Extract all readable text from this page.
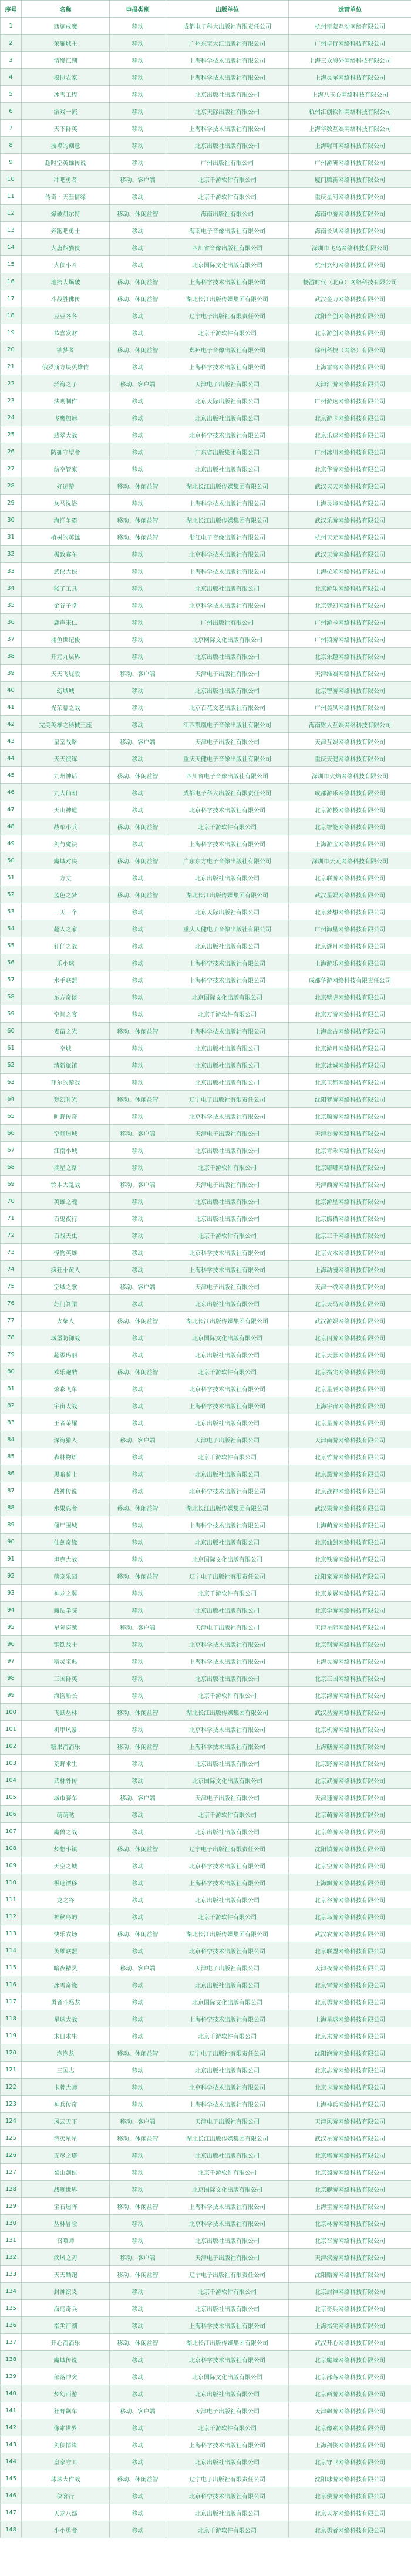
序号	名称	申报类别	出版单位	运营单位
1	西施戒魔	移动	成都电子科大出版社有限责任公司	杭州雷蒙互动网络有限公司
2	荣耀城主	移动	广州东宝大汇出版社有限公司	广州卓行网络科技有限公司
3	情缘江湖	移动	上海科学技术出版社有限公司	上海三众海外网络科技有限公司
4	模拟农家	移动	上海科学技术出版社有限公司	上海灵犀网络科技有限公司
5	冰雪工程	移动	北京出版社出版有限公司	上海八玉心网络科技有限公司
6	游戏一流	移动	北京天际出版社有限公司	杭州汇创软件网络科技有限公司
7	天下群英	移动	上海科学技术出版社有限公司	上海华数互娱网络科技有限公司
8	披襟的刻意	移动	北京出版社出版有限公司	上海喔可网络科技有限公司
9	超时空英雄传说	移动	广州出版社有限公司	广州游研网络科技有限公司
10	冲吧勇者	移动、客户端	北京千游软件有限公司	厦门腾新网络科技有限公司
11	传奇 · 天涯情缘	移动	北京千游软件有限公司	重庆星河网络科技有限公司
12	爆破凯尔特	移动、休闲益智	海南出版社有限公司	海南中游网络科技有限公司
13	奔跑吧勇士	移动	海南电子音像出版社有限公司	海南长风网络科技有限公司
14	大唐熊猫侠	移动	四川省音像出版社有限公司	深圳市飞鸟网络科技有限公司
15	大侠小斗	移动	北京国际文化出版有限公司	杭州玄幻网络科技有限公司
16	地痞大爆破	移动、休闲益智	上海科学技术出版社有限公司	畅游时代（北京）网络科技有限公司
17	斗战胜佛传	移动、休闲益智	湖北长江出版传媒集团有限公司	武汉金力网络科技有限公司
18	豆豆冬冬	移动	辽宁电子出版社有限责任公司	沈阳合创网络科技有限公司
19	恭喜发财	移动	北京千游软件有限公司	北京游创网络科技有限公司
20	锁梦者	移动、休闲益智	郑州电子音像出版社有限公司	徐州科技（网络）有限公司
21	俄罗斯方块英雄传	移动	上海科学技术出版社有限公司	上海雷鸣网络科技有限公司
22	泛海之子	移动、客户端	天津电子出版社有限公司	天津汇游网络科技有限公司
23	法则制作	移动	北京天际出版社有限公司	广州游达网络科技有限公司
24	飞鹰加速	移动	北京出版社出版有限公司	北京游卡网络科技有限公司
25	翡翠大战	移动	北京科学技术出版社有限公司	北京乐逗网络科技有限公司
26	防御守望者	移动	广东省出版集团有限公司	广州冰川网络科技有限公司
27	航空管家	移动	北京出版社出版有限公司	北京华游网络科技有限公司
28	好运游	移动、休闲益智	湖北长江出版传媒集团有限公司	武汉天天网络科技有限公司
29	灰马洗浴	移动	上海科学技术出版社有限公司	上海灵境网络科技有限公司
30	海洋争霸	移动、休闲益智	湖北长江出版传媒集团有限公司	武汉乐游网络科技有限公司
31	植树的英雄	移动、休闲益智	浙江电子音像出版社有限公司	杭州天元网络科技有限公司
32	极致赛车	移动	北京科学技术出版社有限公司	武汉天游网络科技有限公司
33	武侠大侠	移动	上海科学技术出版社有限公司	上海拉米网络科技有限公司
34	猴子工具	移动	北京出版社出版有限公司	北京游乐网络科技有限公司
35	金谷子堂	移动	北京科学技术出版社有限公司	北京梦幻网络科技有限公司
36	鹿声宋仁	移动	广州出版社有限公司	广州游卡网络科技有限公司
37	捕鱼世纪俊	移动	北京网际文化出版有限公司	广州狼游网络科技有限公司
38	开元九层界	移动	北京出版社出版有限公司	北京乐趣网络科技有限公司
39	天天飞屁股	移动、客户端	天津电子出版社有限公司	天津维娱网络科技有限公司
40	幻域城	移动	北京出版社出版有限公司	北京智游网络科技有限公司
41	光荣幕之战	移动	北京百花文艺出版社有限公司	广州美凤网络科技有限公司
42	完美英雄之秘械王座	移动	江西凯凰电子音像出版社有限公司	海南财人互娱网络科技有限公司
43	皇室战略	移动、客户端	天津电子出版社有限公司	天津互娱网络科技有限公司
44	天天演练	移动	重庆天健电子音像出版社有限公司	重庆天健网络科技有限公司
45	九州神话	移动、休闲益智	四川省电子音像出版社有限公司	深圳市火焰网络科技有限公司
46	九大仙朝	移动	成都电子科大出版社有限责任公司	成都游乐网络科技有限公司
47	天山神道	移动	北京科学技术出版社有限公司	北京游极网络科技有限公司
48	战车小兵	移动、休闲益智	北京千游软件有限公司	北京智能网络科技有限公司
49	剑与魔法	移动	上海科学技术出版社有限公司	上海游宝网络科技有限公司
50	魔域对决	移动、休闲益智	广东东方电子音像出版社有限公司	深圳市天元网络科技有限公司
51	方丈	移动	北京出版社出版有限公司	北京联游网络科技有限公司
52	蓝色之梦	移动、休闲益智	湖北长江出版传媒集团有限公司	武汉星娱网络科技有限公司
53	一天一个	移动	北京天际出版社有限公司	北京梦想网络科技有限公司
54	超人之家	移动	重庆天健电子音像出版社有限公司	广州海星网络科技有限公司
55	狂仔之战	移动	北京出版社出版有限公司	北京谜月网络科技有限公司
56	乐小球	移动	上海科学技术出版社有限公司	上海游乐网络科技有限公司
57	水手联盟	移动	上海科学技术出版社有限公司	成都华游网络科技有限责任公司
58	东方奇谈	移动	北京国际文化出版有限公司	北京壁虎网络科技有限公司
59	空间之客	移动	北京千游软件有限公司	北京万游网络科技有限公司
60	麦苗之光	移动、休闲益智	上海科学技术出版社有限公司	上海盘古网络科技有限公司
61	空城	移动	北京出版社出版有限公司	北京游月网络科技有限公司
62	清新旅馆	移动	北京出版社出版有限公司	北京冰城网络科技有限公司
63	菲尔的游戏	移动	北京出版社出版有限公司	北京天都网络科技有限公司
64	梦幻时光	移动、休闲益智	辽宁电子出版社有限责任公司	沈阳梦游网络科技有限公司
65	旷野传奇	移动	北京科学技术出版社有限公司	北京顺游网络科技有限公司
66	空间迷城	移动、客户端	天津电子出版社有限公司	天津谷游网络科技有限公司
67	江南小城	移动	北京出版社出版有限公司	北京青禾网络科技有限公司
68	摘星之路	移动	北京千游软件有限公司	北京嘟嘟网络科技有限公司
69	铃木大乱战	移动、客户端	天津电子出版社有限公司	天津西游网络科技有限公司
70	英雄之魂	移动	北京出版社出版有限公司	北京游星网络科技有限公司
71	百鬼夜行	移动	北京出版社出版有限公司	北京熊猫网络科技有限公司
72	百战天虫	移动	北京千游软件有限公司	北京三千网络科技有限公司
73	怪物英雄	移动	北京科学技术出版社有限公司	北京火木网络科技有限公司
74	疯狂小黄人	移动	上海科学技术出版社有限公司	上海动漫网络科技有限公司
75	空城之歌	移动、客户端	天津电子出版社有限公司	天津一线网络科技有限公司
76	苏门答腊	移动	北京出版社出版有限公司	北京天马网络科技有限公司
77	火柴人	移动、休闲益智	湖北长江出版传媒集团有限公司	武汉游娱网络科技有限公司
78	城堡防御战	移动	北京国际文化出版有限公司	北京闪游网络科技有限公司
79	超级玛丽	移动	北京出版社出版有限公司	北京天影网络科技有限公司
80	欢乐跑酷	移动、休闲益智	北京千游软件有限公司	北京指尖网络科技有限公司
81	炫彩飞车	移动	北京科学技术出版社有限公司	北京星辰网络科技有限公司
82	宇宙大战	移动	上海科学技术出版社有限公司	上海宇宙网络科技有限公司
83	王者荣耀	移动	北京出版社出版有限公司	北京星游网络科技有限公司
84	深海猎人	移动、客户端	天津电子出版社有限公司	天津南游网络科技有限公司
85	森林物语	移动	北京千游软件有限公司	北京竹游网络科技有限公司
86	黑暗骑士	移动	北京出版社出版有限公司	北京黑游网络科技有限公司
87	战神传说	移动	北京科学技术出版社有限公司	北京战神网络科技有限公司
88	水果忍者	移动、休闲益智	湖北长江出版传媒集团有限公司	武汉果游网络科技有限公司
89	僵尸围城	移动	上海科学技术出版社有限公司	上海萌游网络科技有限公司
90	仙剑奇缘	移动	北京出版社出版有限公司	北京仙剑网络科技有限公司
91	坦克大战	移动	北京国际文化出版有限公司	北京铁游网络科技有限公司
92	萌宠乐园	移动、休闲益智	辽宁电子出版社有限责任公司	沈阳宠游网络科技有限公司
93	神龙之翼	移动	北京千游软件有限公司	北京龙翼网络科技有限公司
94	魔法学院	移动	北京出版社出版有限公司	北京学游网络科技有限公司
95	星际穿越	移动、客户端	天津电子出版社有限公司	天津星际网络科技有限公司
96	钢铁战士	移动	北京科学技术出版社有限公司	北京钢游网络科技有限公司
97	精灵宝典	移动	上海科学技术出版社有限公司	上海灵游网络科技有限公司
98	三国群英	移动	北京出版社出版有限公司	北京三国网络科技有限公司
99	海盗船长	移动	北京千游软件有限公司	北京海游网络科技有限公司
100	飞跃丛林	移动、休闲益智	湖北长江出版传媒集团有限公司	武汉丛游网络科技有限公司
101	机甲风暴	移动	北京科学技术出版社有限公司	北京机游网络科技有限公司
102	糖果消消乐	移动、休闲益智	上海科学技术出版社有限公司	上海糖游网络科技有限公司
103	荒野求生	移动	北京出版社出版有限公司	北京野游网络科技有限公司
104	武林外传	移动	北京国际文化出版有限公司	北京武游网络科技有限公司
105	城市赛车	移动、客户端	天津电子出版社有限公司	天津速游网络科技有限公司
106	萌萌哒	移动	北京千游软件有限公司	北京萌游网络科技有限公司
107	魔兽之战	移动	北京出版社出版有限公司	北京兽游网络科技有限公司
108	梦想小镇	移动、休闲益智	辽宁电子出版社有限责任公司	沈阳镇游网络科技有限公司
109	天空之城	移动	北京科学技术出版社有限公司	北京空游网络科技有限公司
110	极速漂移	移动	上海科学技术出版社有限公司	上海飘游网络科技有限公司
111	龙之谷	移动	北京出版社出版有限公司	北京谷游网络科技有限公司
112	神秘岛屿	移动	北京千游软件有限公司	北京岛游网络科技有限公司
113	快乐农场	移动、休闲益智	湖北长江出版传媒集团有限公司	武汉农游网络科技有限公司
114	英雄联盟	移动	北京科学技术出版社有限公司	北京联盟网络科技有限公司
115	暗夜精灵	移动、客户端	天津电子出版社有限公司	天津夜游网络科技有限公司
116	冰雪奇缘	移动	北京出版社出版有限公司	北京雪游网络科技有限公司
117	勇者斗恶龙	移动	北京国际文化出版有限公司	北京勇游网络科技有限公司
118	星球大战	移动	上海科学技术出版社有限公司	上海星球网络科技有限公司
119	末日求生	移动	北京千游软件有限公司	北京末游网络科技有限公司
120	泡泡龙	移动、休闲益智	辽宁电子出版社有限责任公司	沈阳泡游网络科技有限公司
121	三国志	移动	北京出版社出版有限公司	北京志游网络科技有限公司
122	卡牌大师	移动	北京科学技术出版社有限公司	北京卡游网络科技有限公司
123	神兵传奇	移动	上海科学技术出版社有限公司	上海神兵网络科技有限公司
124	风云天下	移动、客户端	天津电子出版社有限公司	天津风游网络科技有限公司
125	消灭星星	移动、休闲益智	湖北长江出版传媒集团有限公司	武汉星游网络科技有限公司
126	无尽之塔	移动	北京出版社出版有限公司	北京塔游网络科技有限公司
127	蜀山剑侠	移动	北京千游软件有限公司	北京蜀游网络科技有限公司
128	战舰世界	移动	北京国际文化出版有限公司	北京舰游网络科技有限公司
129	宝石迷阵	移动、休闲益智	上海科学技术出版社有限公司	上海宝游网络科技有限公司
130	丛林冒险	移动	北京科学技术出版社有限公司	北京林游网络科技有限公司
131	召唤师	移动	北京出版社出版有限公司	北京召游网络科技有限公司
132	疾风之刃	移动、客户端	天津电子出版社有限公司	天津疾游网络科技有限公司
133	天天酷跑	移动、休闲益智	辽宁电子出版社有限责任公司	沈阳酷游网络科技有限公司
134	封神演义	移动	北京千游软件有限公司	北京封神网络科技有限公司
135	海岛奇兵	移动	北京出版社出版有限公司	北京奇兵网络科技有限公司
136	指尖江湖	移动	上海科学技术出版社有限公司	上海指尖网络科技有限公司
137	开心消消乐	移动、休闲益智	湖北长江出版传媒集团有限公司	武汉开心网络科技有限公司
138	魔域传说	移动	北京科学技术出版社有限公司	北京魔域网络科技有限公司
139	部落冲突	移动	北京国际文化出版有限公司	北京部落网络科技有限公司
140	梦幻西游	移动	北京出版社出版有限公司	北京西游网络科技有限公司
141	狂野飙车	移动、客户端	天津电子出版社有限公司	天津飙游网络科技有限公司
142	像素世界	移动	北京千游软件有限公司	北京像素网络科技有限公司
143	剑侠情缘	移动	上海科学技术出版社有限公司	上海剑侠网络科技有限公司
144	皇家守卫	移动	北京出版社出版有限公司	北京守卫网络科技有限公司
145	球球大作战	移动、休闲益智	辽宁电子出版社有限责任公司	沈阳球游网络科技有限公司
146	侠客行	移动	北京科学技术出版社有限公司	北京侠游网络科技有限公司
147	天龙八部	移动	北京出版社出版有限公司	北京天龙网络科技有限公司
148	小小勇者	移动	北京千游软件有限公司	北京勇者网络科技有限公司
